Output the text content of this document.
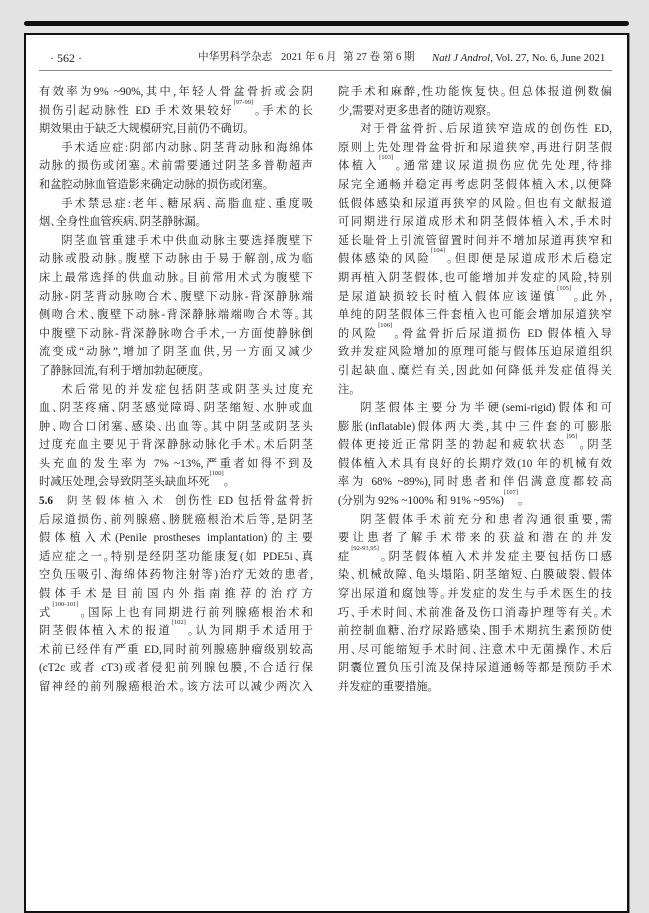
· 562 ·	中华男科学杂志 2021 年 6 月 第 27 卷 第 6 期 Natl J Androl, Vol. 27, No. 6, June 2021
有效率为9% ~90%,其中,年轻人骨盆骨折或会阴
损伤引起动脉性 ED 手术效果较好[97-99]。手术的长
期效果由于缺乏大规模研究,目前仍不确切。
手术适应症:阴部内动脉、阴茎背动脉和海绵体
动脉的损伤或闭塞。术前需要通过阴茎多普勒超声
和盆腔动脉血管造影来确定动脉的损伤或闭塞。
手术禁忌症:老年、糖尿病、高脂血症、重度吸
烟、全身性血管疾病、阴茎静脉漏。
阴茎血管重建手术中供血动脉主要选择腹壁下
动脉或股动脉。腹壁下动脉由于易于解剖,成为临
床上最常选择的供血动脉。目前常用术式为腹壁下
动脉-阴茎背动脉吻合术、腹壁下动脉-背深静脉端
侧吻合术、腹壁下动脉-背深静脉端端吻合术等。其
中腹壁下动脉-背深静脉吻合手术,一方面使静脉倒
流变成“动脉”,增加了阴茎血供,另一方面又减少
了静脉回流,有利于增加勃起硬度。
术后常见的并发症包括阴茎或阴茎头过度充
血、阴茎疼痛、阴茎感觉障碍、阴茎缩短、水肿或血
肿、吻合口闭塞、感染、出血等。其中阴茎或阴茎头
过度充血主要见于背深静脉动脉化手术。术后阴茎
头充血的发生率为 7% ~13%,严重者如得不到及
时减压处理,会导致阴茎头缺血坏死[100]。
5.6 阴茎假体植入术 创伤性 ED 包括骨盆骨折
后尿道损伤、前列腺癌、膀胱癌根治术后等,是阴茎
假体植入术(Penile prostheses implantation)的主要
适应症之一。特别是经阴茎功能康复(如 PDE5i、真
空负压吸引、海绵体药物注射等)治疗无效的患者,
假体手术是目前国内外指南推荐的治疗方
式[100-101]。国际上也有同期进行前列腺癌根治术和
阴茎假体植入术的报道[102]。认为同期手术适用于
术前已经伴有严重 ED,同时前列腺癌肿瘤级别较高
(cT2c 或者 cT3)或者侵犯前列腺包膜,不合适行保
留神经的前列腺癌根治术。该方法可以减少两次入
院手术和麻醉,性功能恢复快。但总体报道例数偏
少,需要对更多患者的随访观察。
对于骨盆骨折、后尿道狭窄造成的创伤性 ED,
原则上先处理骨盆骨折和尿道狭窄,再进行阴茎假
体植入[103]。通常建议尿道损伤应优先处理,待排
尿完全通畅并稳定再考虑阴茎假体植入术,以便降
低假体感染和尿道再狭窄的风险。但也有文献报道
可同期进行尿道成形术和阴茎假体植入术,手术时
延长耻骨上引流管留置时间并不增加尿道再狭窄和
假体感染的风险[104]。但即便是尿道成形术后稳定
期再植入阴茎假体,也可能增加并发症的风险,特别
是尿道缺损较长时植入假体应该谨慎[105]。此外,
单纯的阴茎假体三件套植入也可能会增加尿道狭窄
的风险[106]。骨盆骨折后尿道损伤 ED 假体植入导
致并发症风险增加的原理可能与假体压迫尿道组织
引起缺血、糜烂有关,因此如何降低并发症值得关
注。
阴茎假体主要分为半硬(semi-rigid)假体和可
膨胀(inflatable)假体两大类,其中三件套的可膨胀
假体更接近正常阴茎的勃起和疲软状态[95]。阴茎
假体植入术具有良好的长期疗效(10 年的机械有效
率为 68% ~89%),同时患者和伴侣满意度都较高
(分别为 92% ~100% 和 91% ~95%)[107]。
阴茎假体手术前充分和患者沟通很重要,需
要让患者了解手术带来的获益和潜在的并发
症[92-93,95]。阴茎假体植入术并发症主要包括伤口感
染、机械故障、龟头塌陷、阴茎缩短、白膜破裂、假体
穿出尿道和腐蚀等。并发症的发生与手术医生的技
巧、手术时间、术前准备及伤口消毒护理等有关。术
前控制血糖、治疗尿路感染、围手术期抗生素预防使
用、尽可能缩短手术时间、注意术中无菌操作、术后
阴囊位置负压引流及保持尿道通畅等都是预防手术
并发症的重要措施。
